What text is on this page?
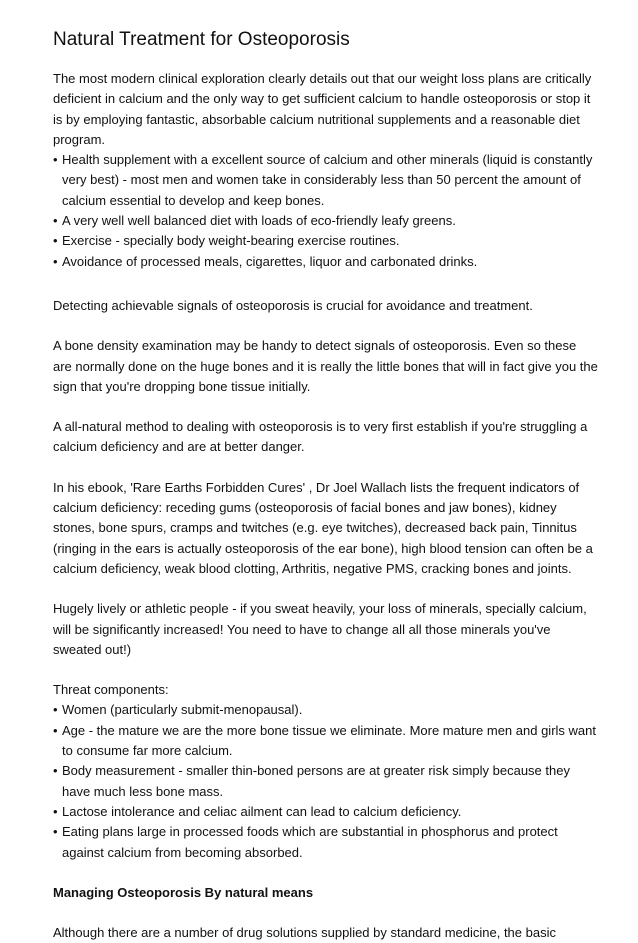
Natural Treatment for Osteoporosis

The most modern clinical exploration clearly details out that our weight loss plans are critically deficient in calcium and the only way to get sufficient calcium to handle osteoporosis or stop it is by employing fantastic, absorbable calcium nutritional supplements and a reasonable diet program.

• Health supplement with a excellent source of calcium and other minerals (liquid is constantly very best) - most men and women take in considerably less than 50 percent the amount of calcium essential to develop and keep bones.
• A very well well balanced diet with loads of eco-friendly leafy greens.
• Exercise - specially body weight-bearing exercise routines.
• Avoidance of processed meals, cigarettes, liquor and carbonated drinks.

Detecting achievable signals of osteoporosis is crucial for avoidance and treatment.

A bone density examination may be handy to detect signals of osteoporosis. Even so these are normally done on the huge bones and it is really the little bones that will in fact give you the sign that you're dropping bone tissue initially.

A all-natural method to dealing with osteoporosis is to very first establish if you're struggling a calcium deficiency and are at better danger.

In his ebook, 'Rare Earths Forbidden Cures' , Dr Joel Wallach lists the frequent indicators of calcium deficiency: receding gums (osteoporosis of facial bones and jaw bones), kidney stones, bone spurs, cramps and twitches (e.g. eye twitches), decreased back pain, Tinnitus (ringing in the ears is actually osteoporosis of the ear bone), high blood tension can often be a calcium deficiency, weak blood clotting, Arthritis, negative PMS, cracking bones and joints.

Hugely lively or athletic people - if you sweat heavily, your loss of minerals, specially calcium, will be significantly increased! You need to have to change all all those minerals you've sweated out!)

Threat components:

• Women (particularly submit-menopausal).
• Age - the mature we are the more bone tissue we eliminate. More mature men and girls want to consume far more calcium.
• Body measurement - smaller thin-boned persons are at greater risk simply because they have much less bone mass.
• Lactose intolerance and celiac ailment can lead to calcium deficiency.
• Eating plans large in processed foods which are substantial in phosphorus and protect against calcium from becoming absorbed.

Managing Osteoporosis By natural means

Although there are a number of drug solutions supplied by standard medicine, the basic
